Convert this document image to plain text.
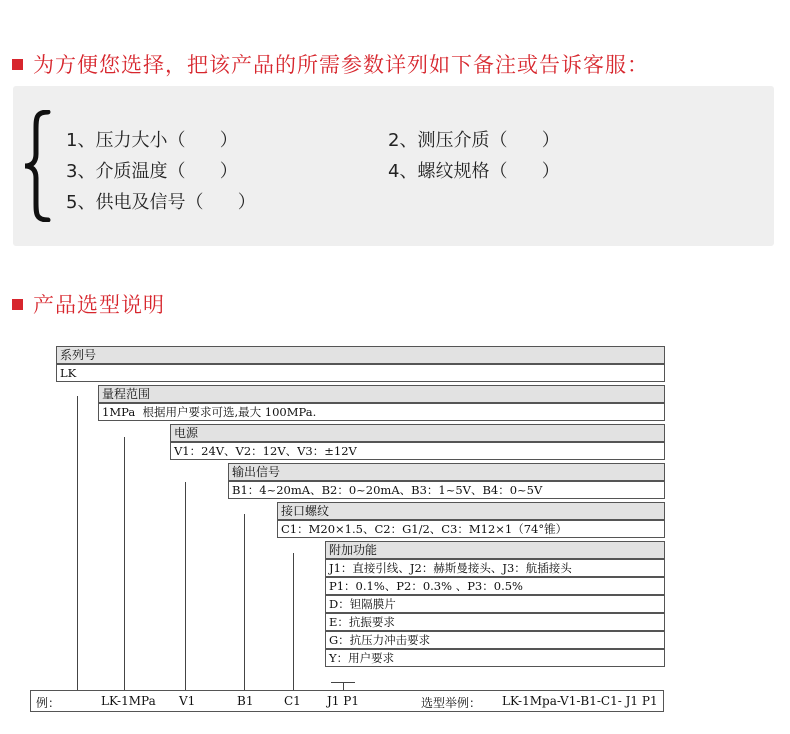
为方便您选择，把该产品的所需参数详列如下备注或告诉客服：
1、压力大小（      ）	2、测压介质（      ）
3、介质温度（      ）	4、螺纹规格（      ）
5、供电及信号（      ）
产品选型说明
系列号
LK
量程范围
1MPa  根据用户要求可选,最大 100MPa.
电源
V1：24V、V2：12V、V3：±12V
输出信号
B1：4~20mA、B2：0~20mA、B3：1~5V、B4：0~5V
接口螺纹
C1：M20×1.5、C2：G1/2、C3：M12×1（74°锥）
附加功能
J1：直接引线、J2：赫斯曼接头、J3：航插接头
P1：0.1%、P2：0.3% 、P3：0.5%
D：钽隔膜片
E：抗振要求
G：抗压力冲击要求
Y：用户要求
例：	LK-1MPa V1	B1	C1 J1 P1	选型举例： LK-1Mpa-V1-B1-C1- J1 P1
